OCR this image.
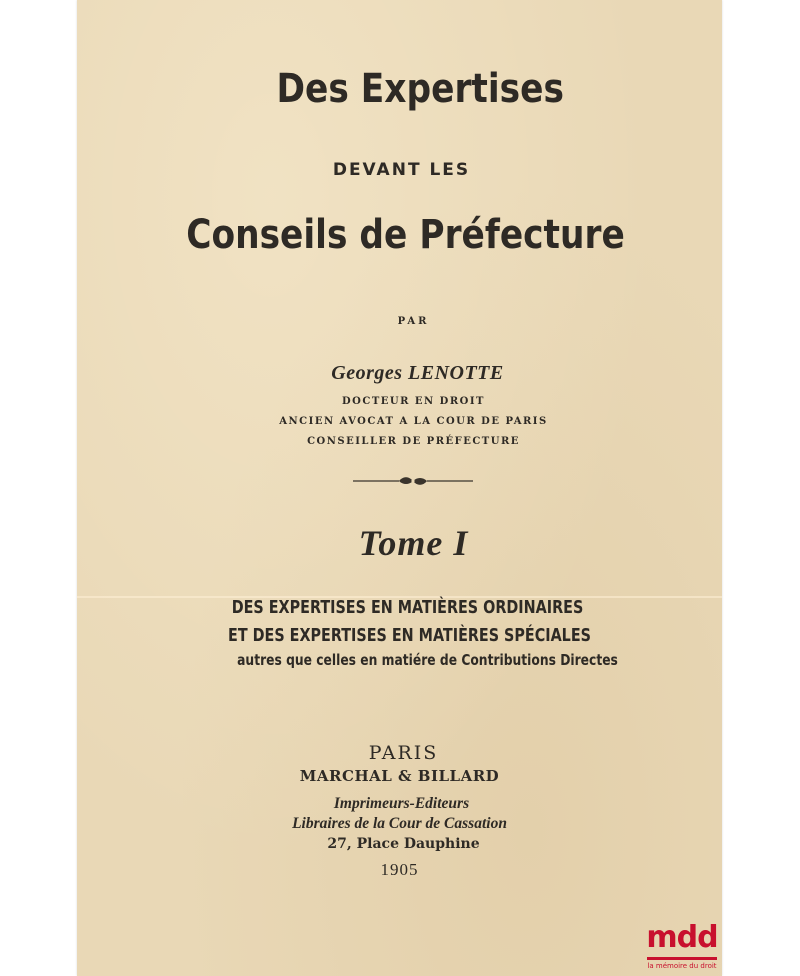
Des Expertises
DEVANT LES
Conseils de Préfecture
PAR
Georges LENOTTE
DOCTEUR EN DROIT
ANCIEN AVOCAT A LA COUR DE PARIS
CONSEILLER DE PRÉFECTURE
Tome I
DES EXPERTISES EN MATIÈRES ORDINAIRES
ET DES EXPERTISES EN MATIÈRES SPÉCIALES
autres que celles en matiére de Contributions Directes
PARIS
MARCHAL & BILLARD
Imprimeurs-Editeurs
Libraires de la Cour de Cassation
27, Place Dauphine
1905
mdd
la mémoire du droit
